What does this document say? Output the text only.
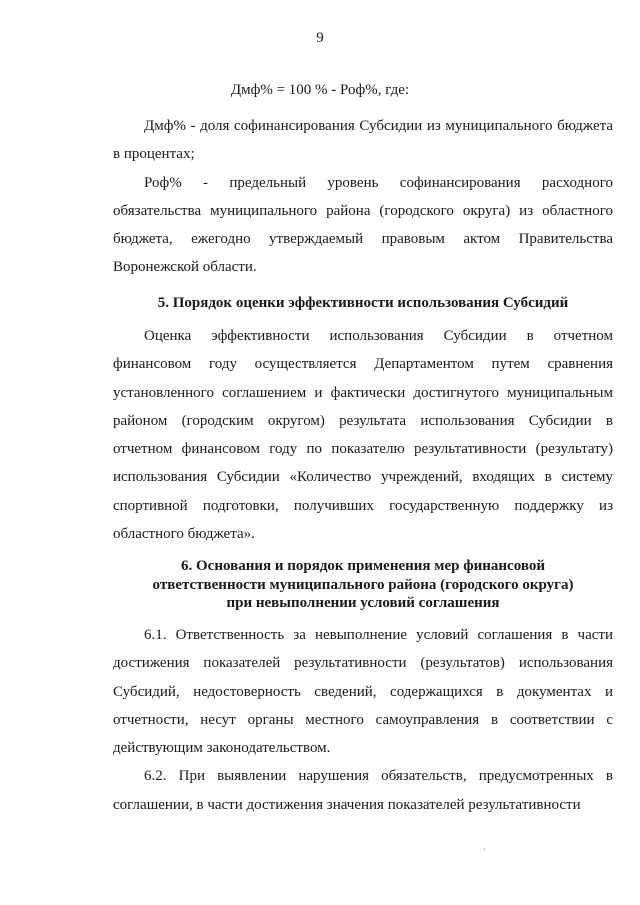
9
Дмф% = 100 % - Роф%, где:

Дмф% - доля софинансирования Субсидии из муниципального бюджета в процентах;

Роф% - предельный уровень софинансирования расходного обязательства муниципального района (городского округа) из областного бюджета, ежегодно утверждаемый правовым актом Правительства Воронежской области.

5. Порядок оценки эффективности использования Субсидий

Оценка эффективности использования Субсидии в отчетном финансовом году осуществляется Департаментом путем сравнения установленного соглашением и фактически достигнутого муниципальным районом (городским округом) результата использования Субсидии в отчетном финансовом году по показателю результативности (результату) использования Субсидии «Количество учреждений, входящих в систему спортивной подготовки, получивших государственную поддержку из областного бюджета».

6. Основания и порядок применения мер финансовой
ответственности муниципального района (городского округа)
при невыполнении условий соглашения

6.1. Ответственность за невыполнение условий соглашения в части достижения показателей результативности (результатов) использования Субсидий, недостоверность сведений, содержащихся в документах и отчетности, несут органы местного самоуправления в соответствии с действующим законодательством.

6.2. При выявлении нарушения обязательств, предусмотренных в соглашении, в части достижения значения показателей результативности
